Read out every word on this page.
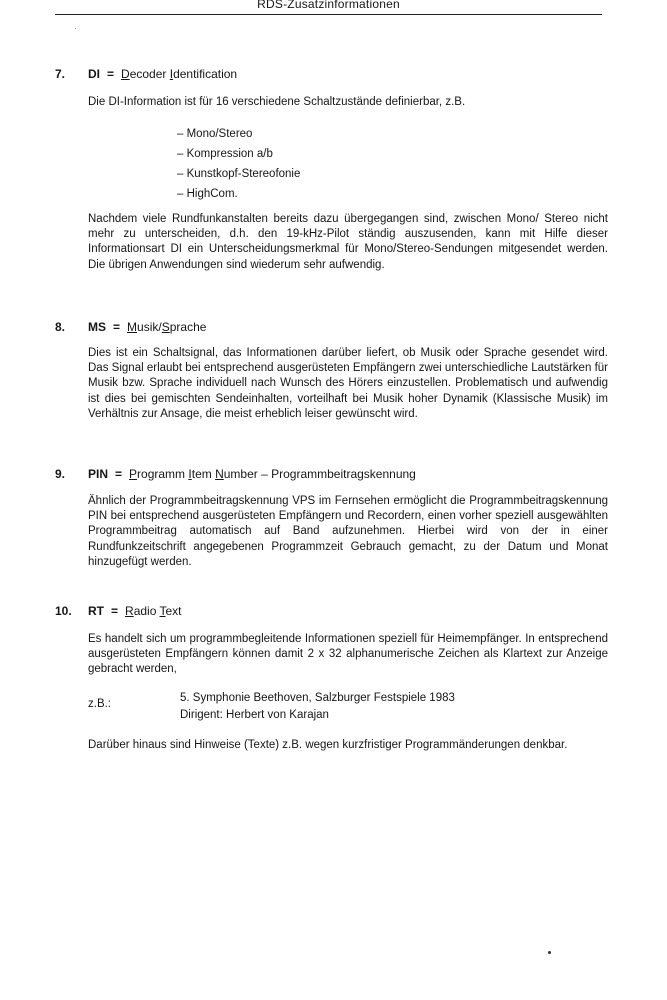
RDS-Zusatzinformationen
7. DI = Decoder Identification

Die DI-Information ist für 16 verschiedene Schaltzustände definierbar, z.B.

– Mono/Stereo
– Kompression a/b
– Kunstkopf-Stereofonie
– HighCom.

Nachdem viele Rundfunkanstalten bereits dazu übergegangen sind, zwischen Mono/ Stereo nicht mehr zu unterscheiden, d.h. den 19-kHz-Pilot ständig auszusenden, kann mit Hilfe dieser Informationsart DI ein Unterscheidungsmerkmal für Mono/Stereo-Sendungen mitgesendet werden. Die übrigen Anwendungen sind wiederum sehr aufwendig.

8. MS = Musik/Sprache

Dies ist ein Schaltsignal, das Informationen darüber liefert, ob Musik oder Sprache gesendet wird. Das Signal erlaubt bei entsprechend ausgerüsteten Empfängern zwei unterschiedliche Lautstärken für Musik bzw. Sprache individuell nach Wunsch des Hörers einzustellen. Problematisch und aufwendig ist dies bei gemischten Sendeinhalten, vorteilhaft bei Musik hoher Dynamik (Klassische Musik) im Verhältnis zur Ansage, die meist erheblich leiser gewünscht wird.

9. PIN = Programm Item Number – Programmbeitragskennung

Ähnlich der Programmbeitragskennung VPS im Fernsehen ermöglicht die Programmbeitragskennung PIN bei entsprechend ausgerüsteten Empfängern und Recordern, einen vorher speziell ausgewählten Programmbeitrag automatisch auf Band aufzunehmen. Hierbei wird von der in einer Rundfunkzeitschrift angegebenen Programmzeit Gebrauch gemacht, zu der Datum und Monat hinzugefügt werden.

10. RT = Radio Text

Es handelt sich um programmbegleitende Informationen speziell für Heimempfänger. In entsprechend ausgerüsteten Empfängern können damit 2 x 32 alphanumerische Zeichen als Klartext zur Anzeige gebracht werden,

z.B.:	5. Symphonie Beethoven, Salzburger Festspiele 1983
Dirigent: Herbert von Karajan

Darüber hinaus sind Hinweise (Texte) z.B. wegen kurzfristiger Programmänderungen denkbar.
